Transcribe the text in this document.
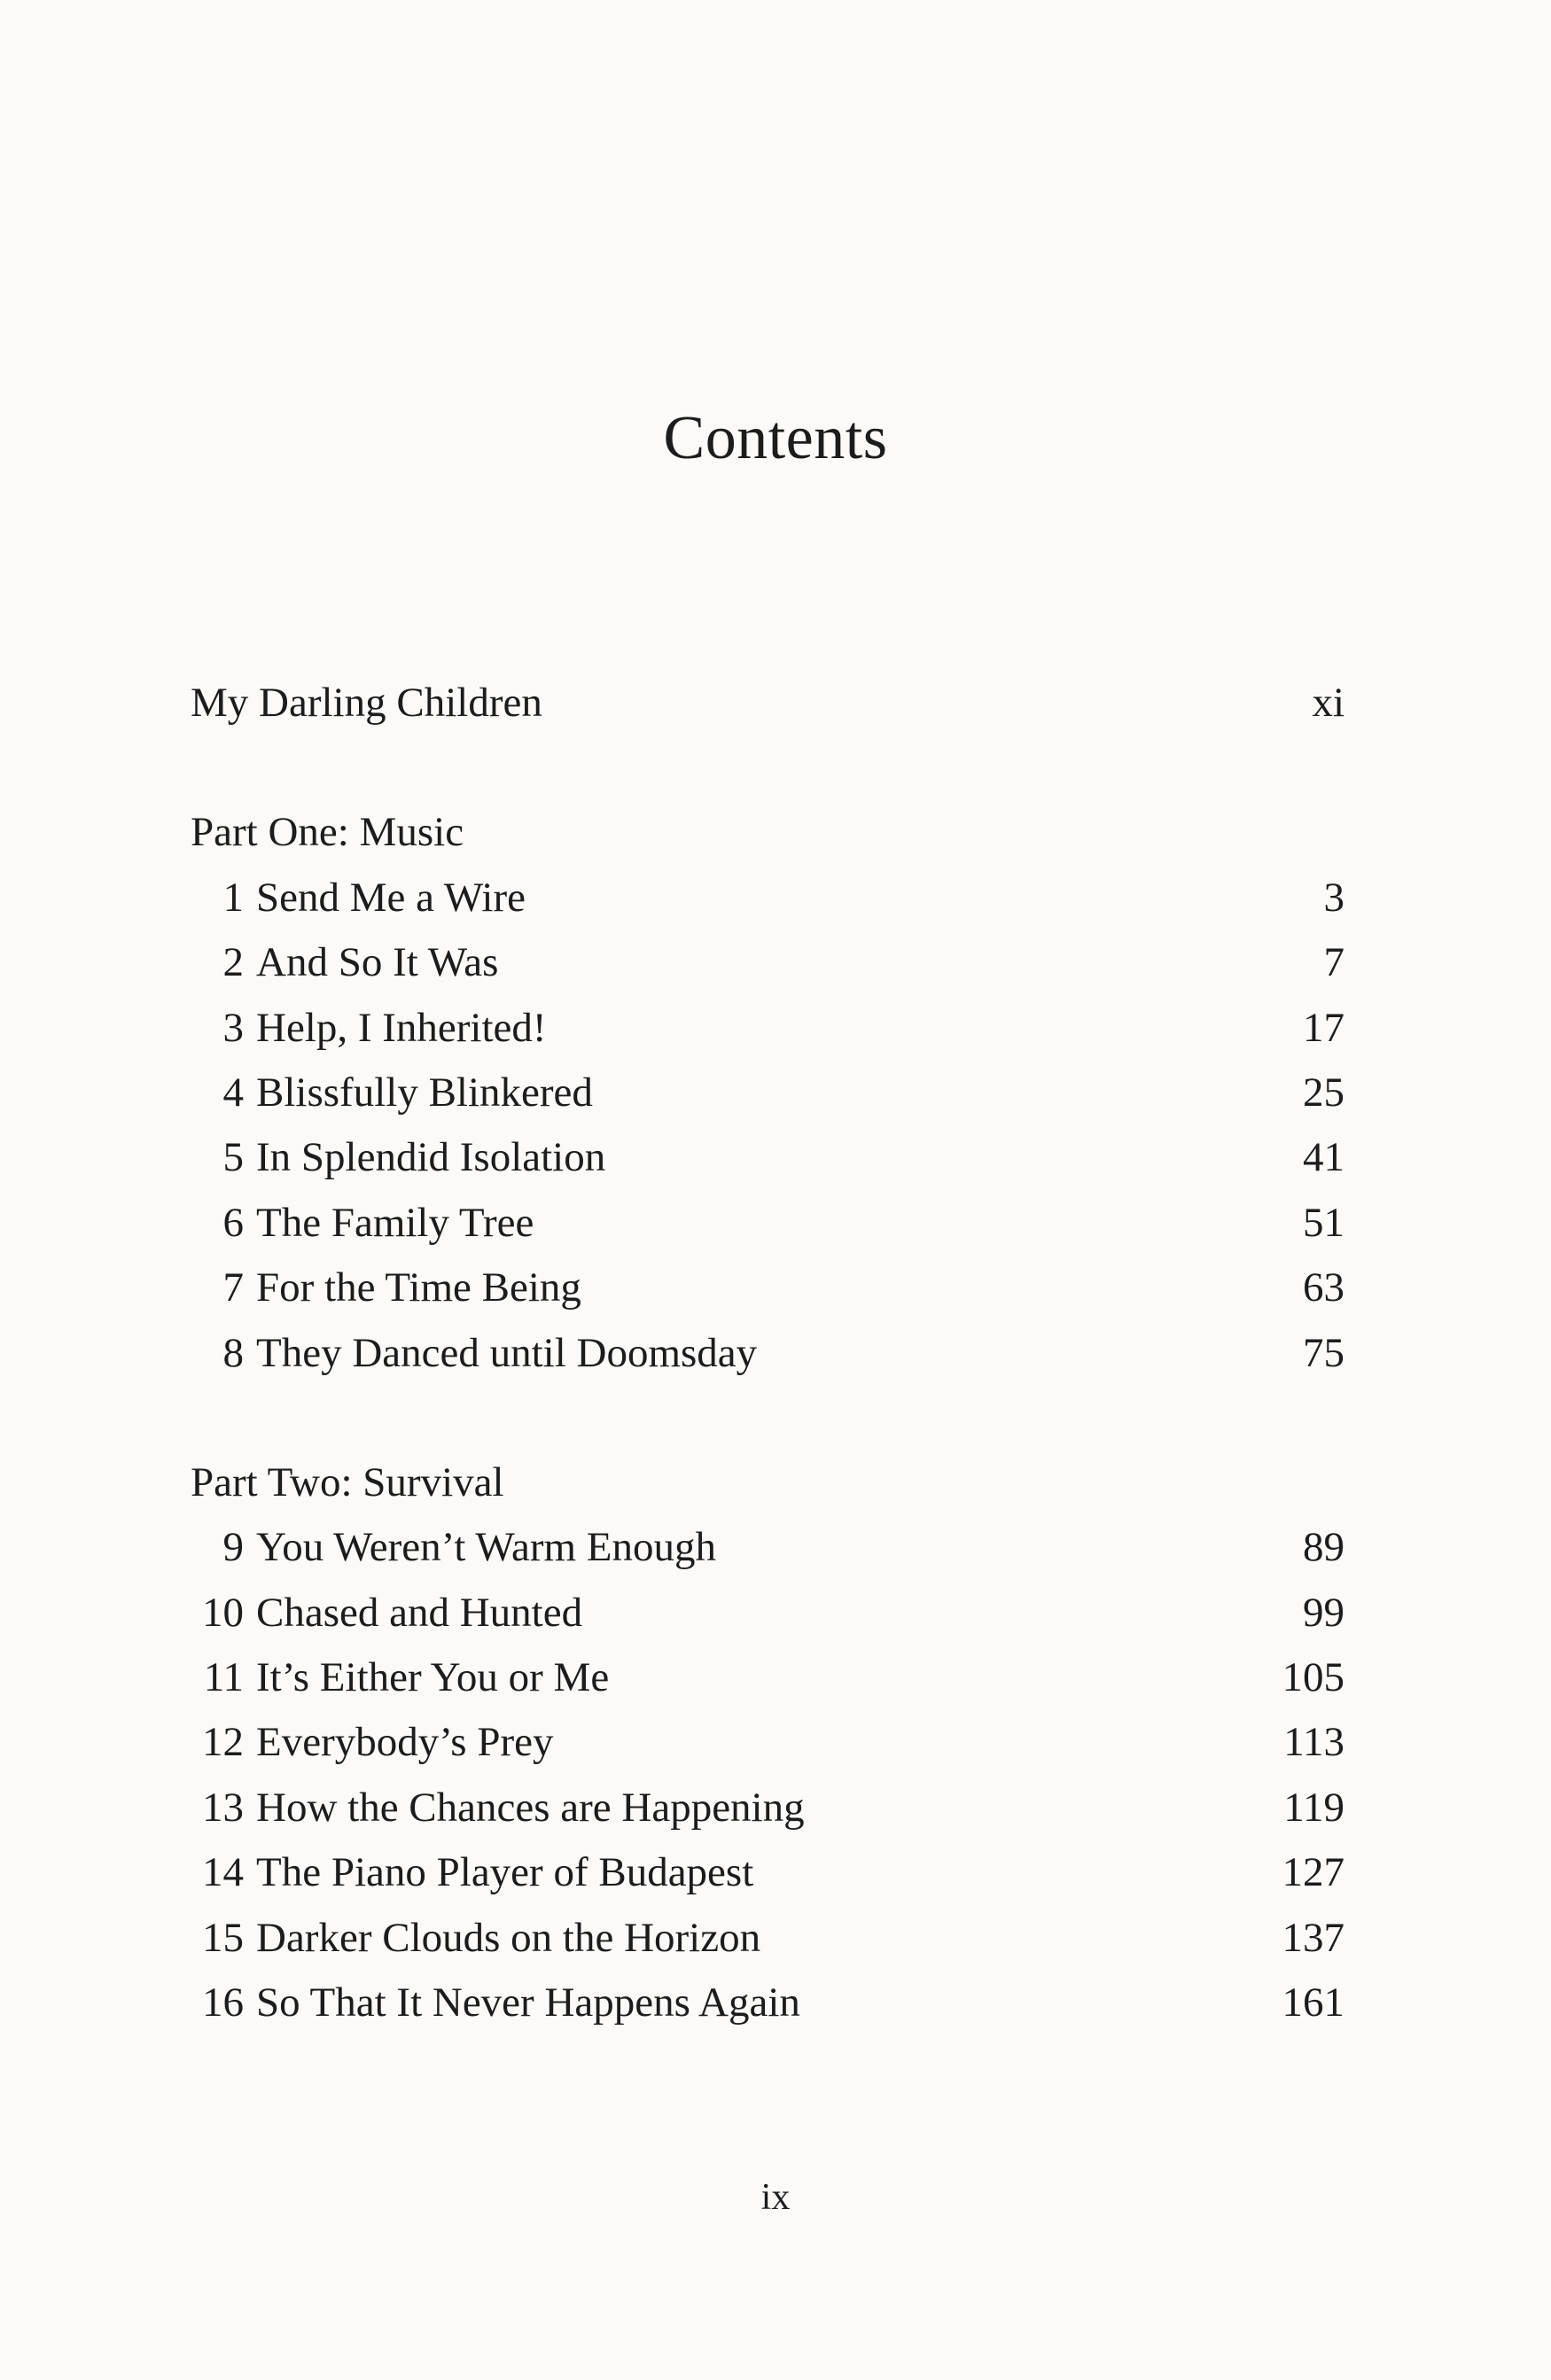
Contents
My Darling Children	xi
Part One: Music
1 Send Me a Wire	3
2 And So It Was	7
3 Help, I Inherited!	17
4 Blissfully Blinkered	25
5 In Splendid Isolation	41
6 The Family Tree	51
7 For the Time Being	63
8 They Danced until Doomsday	75
Part Two: Survival
9 You Weren’t Warm Enough	89
10 Chased and Hunted	99
11 It’s Either You or Me	105
12 Everybody’s Prey	113
13 How the Chances are Happening	119
14 The Piano Player of Budapest	127
15 Darker Clouds on the Horizon	137
16 So That It Never Happens Again	161
ix
